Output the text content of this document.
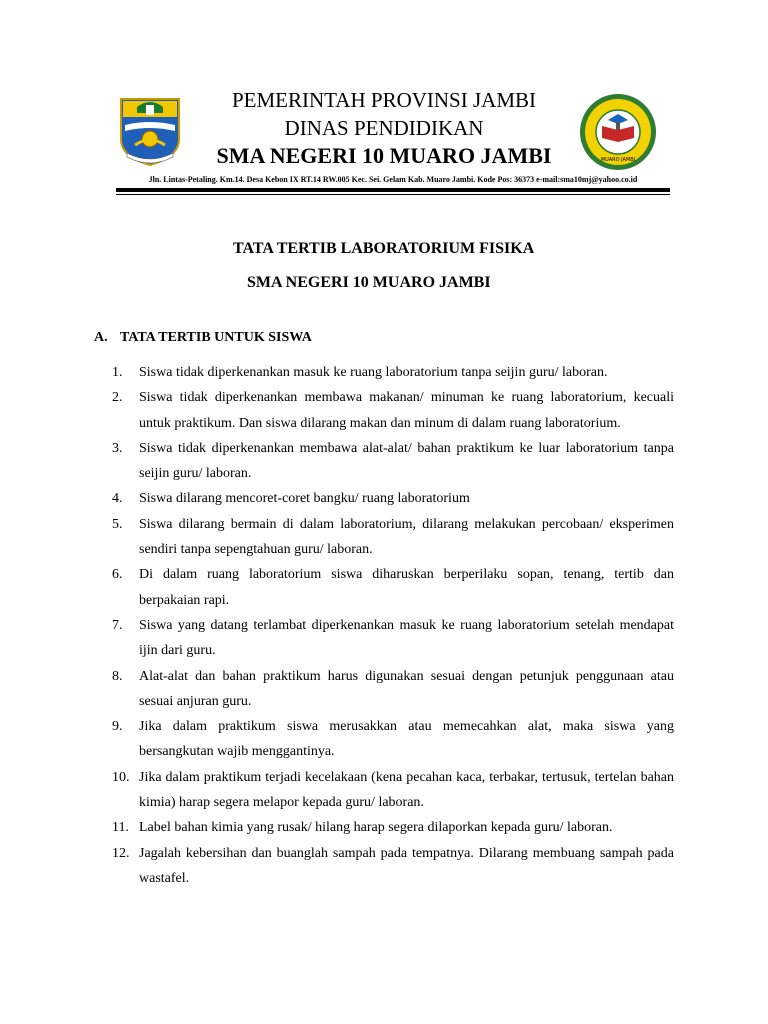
MUARO JAMBI
PEMERINTAH PROVINSI JAMBI
DINAS PENDIDIKAN
SMA NEGERI 10 MUARO JAMBI
Jln. Lintas-Petaling. Km.14. Desa Kebon IX RT.14 RW.005 Kec. Sei. Gelam Kab. Muaro Jambi. Kode Pos: 36373 e-mail:sma10mj@yahoo.co.id
TATA TERTIB LABORATORIUM FISIKA
SMA NEGERI 10 MUARO JAMBI
A. TATA TERTIB UNTUK SISWA
1.	Siswa tidak diperkenankan masuk ke ruang laboratorium tanpa seijin guru/ laboran.
2.	Siswa tidak diperkenankan membawa makanan/ minuman ke ruang laboratorium, kecuali untuk praktikum. Dan siswa dilarang makan dan minum di dalam ruang laboratorium.
3.	Siswa tidak diperkenankan membawa alat-alat/ bahan praktikum ke luar laboratorium tanpa seijin guru/ laboran.
4.	Siswa dilarang mencoret-coret bangku/ ruang laboratorium
5.	Siswa dilarang bermain di dalam laboratorium, dilarang melakukan percobaan/ eksperimen sendiri tanpa sepengtahuan guru/ laboran.
6.	Di dalam ruang laboratorium siswa diharuskan berperilaku sopan, tenang, tertib dan berpakaian rapi.
7.	Siswa yang datang terlambat diperkenankan masuk ke ruang laboratorium setelah mendapat ijin dari guru.
8.	Alat-alat dan bahan praktikum harus digunakan sesuai dengan petunjuk penggunaan atau sesuai anjuran guru.
9.	Jika dalam praktikum siswa merusakkan atau memecahkan alat, maka siswa yang bersangkutan wajib menggantinya.
10. Jika dalam praktikum terjadi kecelakaan (kena pecahan kaca, terbakar, tertusuk, tertelan bahan kimia) harap segera melapor kepada guru/ laboran.
11. Label bahan kimia yang rusak/ hilang harap segera dilaporkan kepada guru/ laboran.
12. Jagalah kebersihan dan buanglah sampah pada tempatnya. Dilarang membuang sampah pada wastafel.
